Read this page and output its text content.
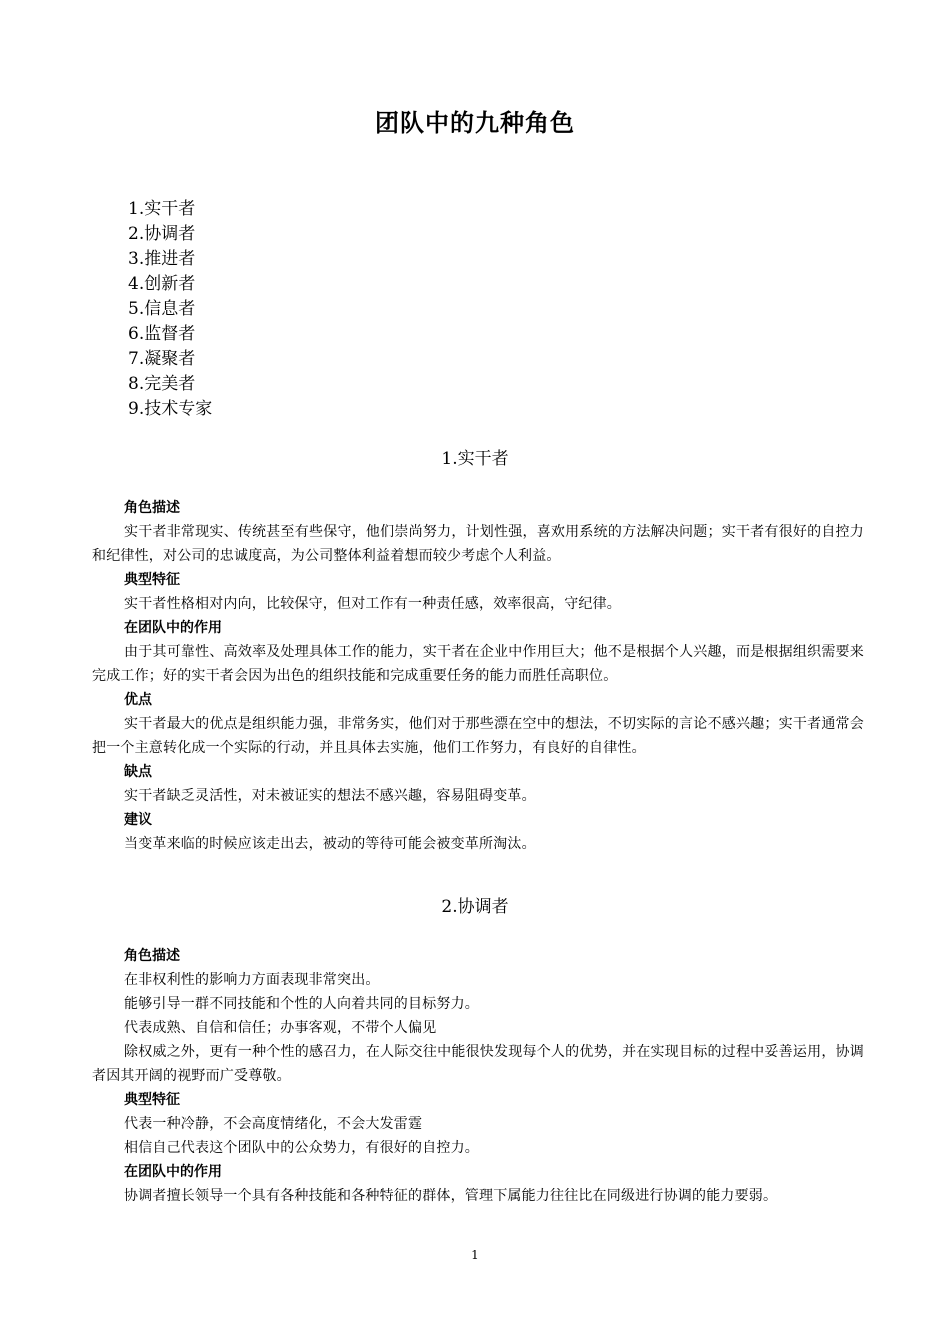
团队中的九种角色
1.实干者
2.协调者
3.推进者
4.创新者
5.信息者
6.监督者
7.凝聚者
8.完美者
9.技术专家
1.实干者

角色描述

实干者非常现实、传统甚至有些保守，他们崇尚努力，计划性强，喜欢用系统的方法解决问题；实干者有很好的自控力和纪律性，对公司的忠诚度高，为公司整体利益着想而较少考虑个人利益。

典型特征

实干者性格相对内向，比较保守，但对工作有一种责任感，效率很高，守纪律。

在团队中的作用

由于其可靠性、高效率及处理具体工作的能力，实干者在企业中作用巨大；他不是根据个人兴趣，而是根据组织需要来完成工作；好的实干者会因为出色的组织技能和完成重要任务的能力而胜任高职位。

优点

实干者最大的优点是组织能力强，非常务实，他们对于那些漂在空中的想法，不切实际的言论不感兴趣；实干者通常会把一个主意转化成一个实际的行动，并且具体去实施，他们工作努力，有良好的自律性。

缺点

实干者缺乏灵活性，对未被证实的想法不感兴趣，容易阻碍变革。

建议

当变革来临的时候应该走出去，被动的等待可能会被变革所淘汰。

2.协调者

角色描述

在非权利性的影响力方面表现非常突出。

能够引导一群不同技能和个性的人向着共同的目标努力。

代表成熟、自信和信任；办事客观，不带个人偏见

除权威之外，更有一种个性的感召力，在人际交往中能很快发现每个人的优势，并在实现目标的过程中妥善运用，协调者因其开阔的视野而广受尊敬。

典型特征

代表一种冷静，不会高度情绪化，不会大发雷霆

相信自己代表这个团队中的公众势力，有很好的自控力。

在团队中的作用

协调者擅长领导一个具有各种技能和各种特征的群体，管理下属能力往往比在同级进行协调的能力要弱。

1
